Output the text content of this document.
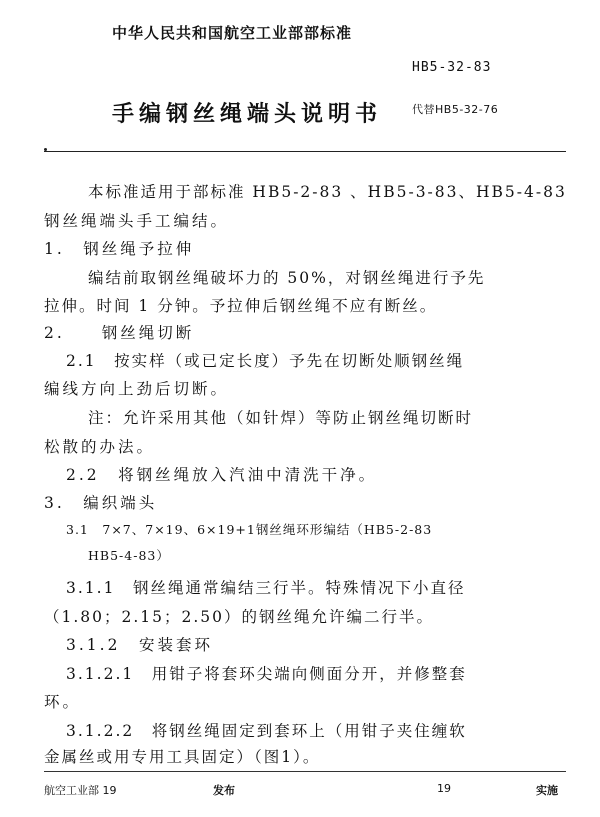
中华人民共和国航空工业部部标准
HB5-32-83
手编钢丝绳端头说明书	代替HB5-32-76
本标准适用于部标准 HB5-2-83 、HB5-3-83、HB5-4-83
钢丝绳端头手工编结。
1.　钢丝绳予拉伸
编结前取钢丝绳破坏力的 50%，对钢丝绳进行予先
拉伸。时间 1 分钟。予拉伸后钢丝绳不应有断丝。
2.　　钢丝绳切断
2.1　按实样（或已定长度）予先在切断处顺钢丝绳
编线方向上劲后切断。
注：允许采用其他（如针焊）等防止钢丝绳切断时
松散的办法。
2.2　将钢丝绳放入汽油中清洗干净。
3.　编织端头
3.1　7×7、7×19、6×19+1钢丝绳环形编结（HB5-2-83
HB5-4-83）
3.1.1　钢丝绳通常编结三行半。特殊情况下小直径
（1.80；2.15；2.50）的钢丝绳允许编二行半。
3.1.2　安装套环
3.1.2.1　用钳子将套环尖端向侧面分开，并修整套
环。
3.1.2.2　将钢丝绳固定到套环上（用钳子夹住缠软
金属丝或用专用工具固定）（图1）。
航空工业部 19	发布	19	实施
